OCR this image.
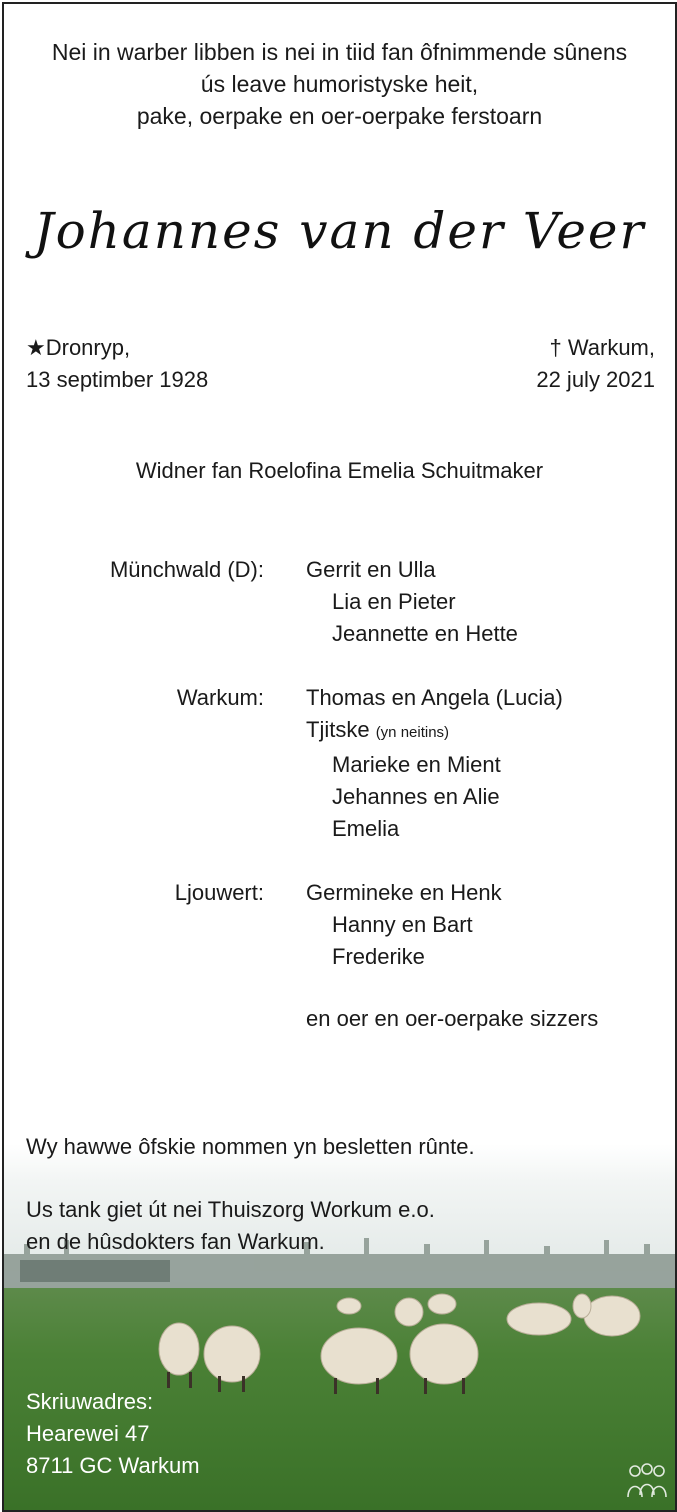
Nei in warber libben is nei in tiid fan ôfnimmende sûnens
ús leave humoristyske heit,
pake, oerpake en oer-oerpake ferstoarn
Johannes van der Veer
★Dronryp,
13 septimber 1928
† Warkum,
22 july 2021
Widner fan Roelofina Emelia Schuitmaker
Münchwald (D): Gerrit en Ulla
Lia en Pieter
Jeannette en Hette
Warkum: Thomas en Angela (Lucia)
Tjitske (yn neitins)
Marieke en Mient
Jehannes en Alie
Emelia
Ljouwert: Germineke en Henk
Hanny en Bart
Frederike
en oer en oer-oerpake sizzers
Wy hawwe ôfskie nommen yn besletten rûnte.
Us tank giet út nei Thuiszorg Workum e.o.
en de hûsdokters fan Warkum.
Skriuwadres:
Hearewei 47
8711 GC Warkum
